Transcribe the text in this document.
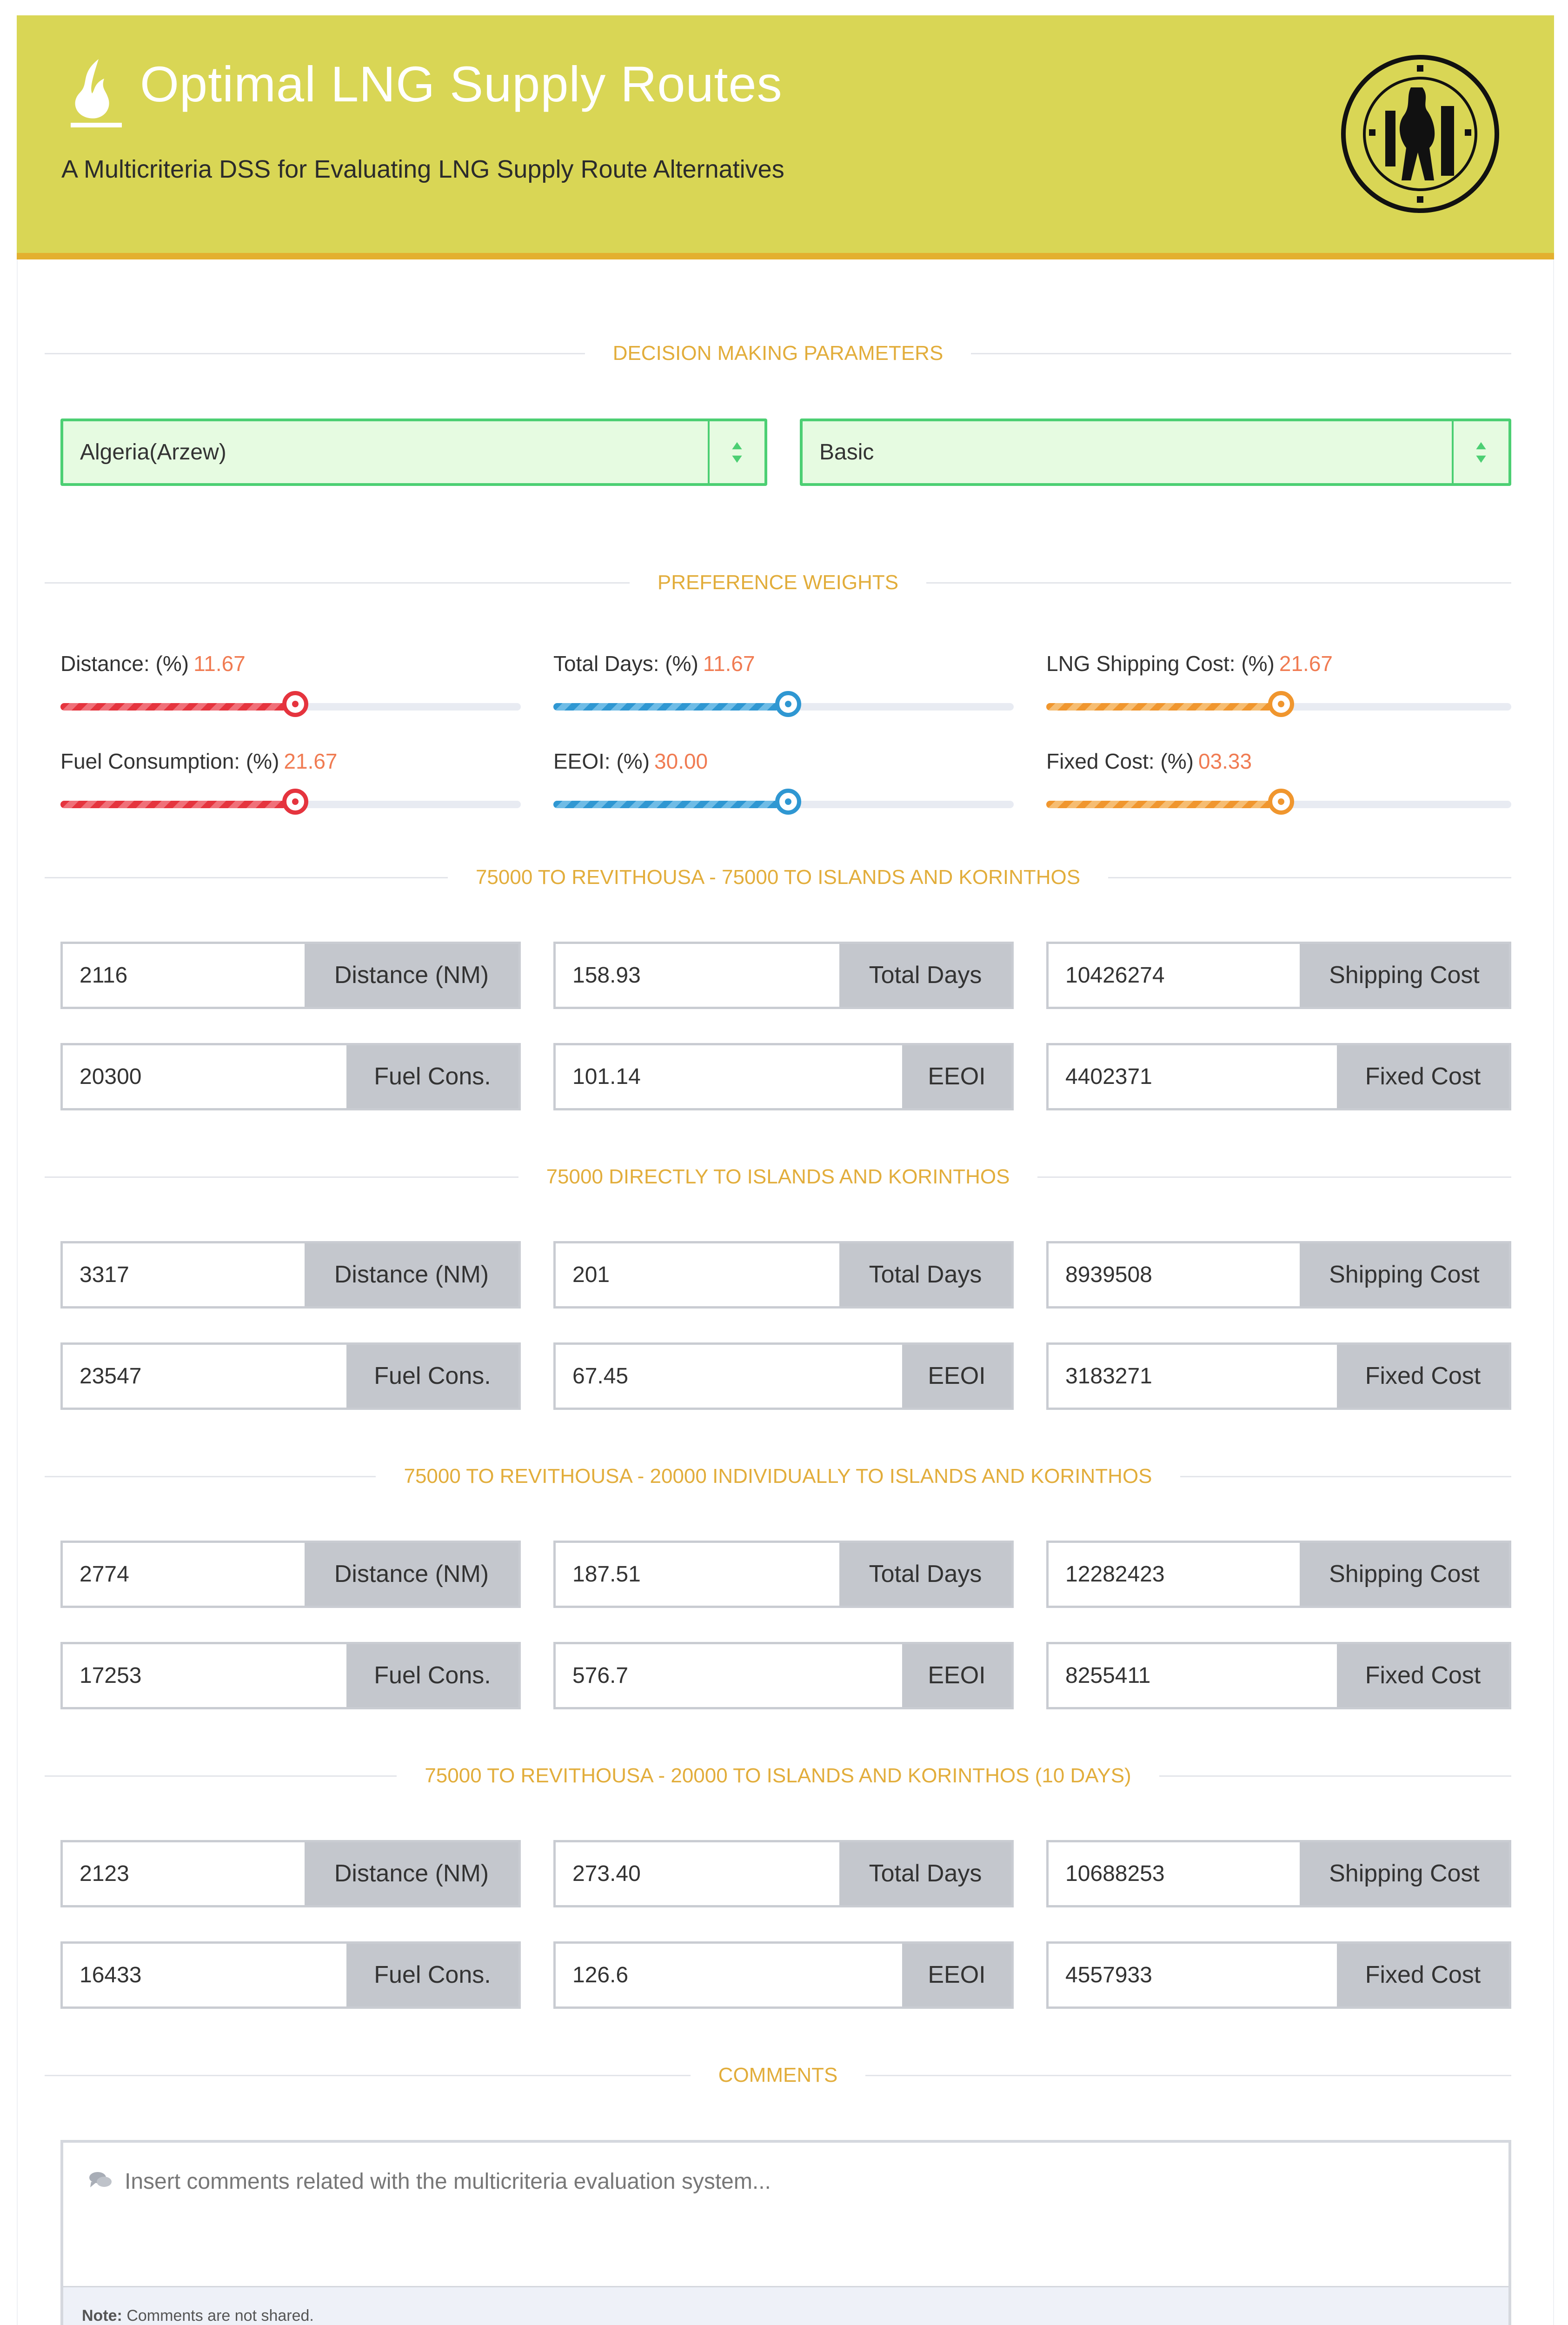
Optimal LNG Supply Routes
A Multicriteria DSS for Evaluating LNG Supply Route Alternatives
DECISION MAKING PARAMETERS
Algeria(Arzew)	Basic
PREFERENCE WEIGHTS
Distance: (%) 11.67	Total Days: (%) 11.67	LNG Shipping Cost: (%) 21.67
Fuel Consumption: (%) 21.67	EEOI: (%) 30.00	Fixed Cost: (%) 03.33
75000 TO REVITHOUSA - 75000 TO ISLANDS AND KORINTHOS
2116	Distance (NM)	158.93	Total Days	10426274	Shipping Cost
20300	Fuel Cons.	101.14	EEOI	4402371	Fixed Cost
75000 DIRECTLY TO ISLANDS AND KORINTHOS
3317	Distance (NM)	201	Total Days	8939508	Shipping Cost
23547	Fuel Cons.	67.45	EEOI	3183271	Fixed Cost
75000 TO REVITHOUSA - 20000 INDIVIDUALLY TO ISLANDS AND KORINTHOS
2774	Distance (NM)	187.51	Total Days	12282423	Shipping Cost
17253	Fuel Cons.	576.7	EEOI	8255411	Fixed Cost
75000 TO REVITHOUSA - 20000 TO ISLANDS AND KORINTHOS (10 DAYS)
2123	Distance (NM)	273.40	Total Days	10688253	Shipping Cost
16433	Fuel Cons.	126.6	EEOI	4557933	Fixed Cost
COMMENTS
Insert comments related with the multicriteria evaluation system...
Note: Comments are not shared.
